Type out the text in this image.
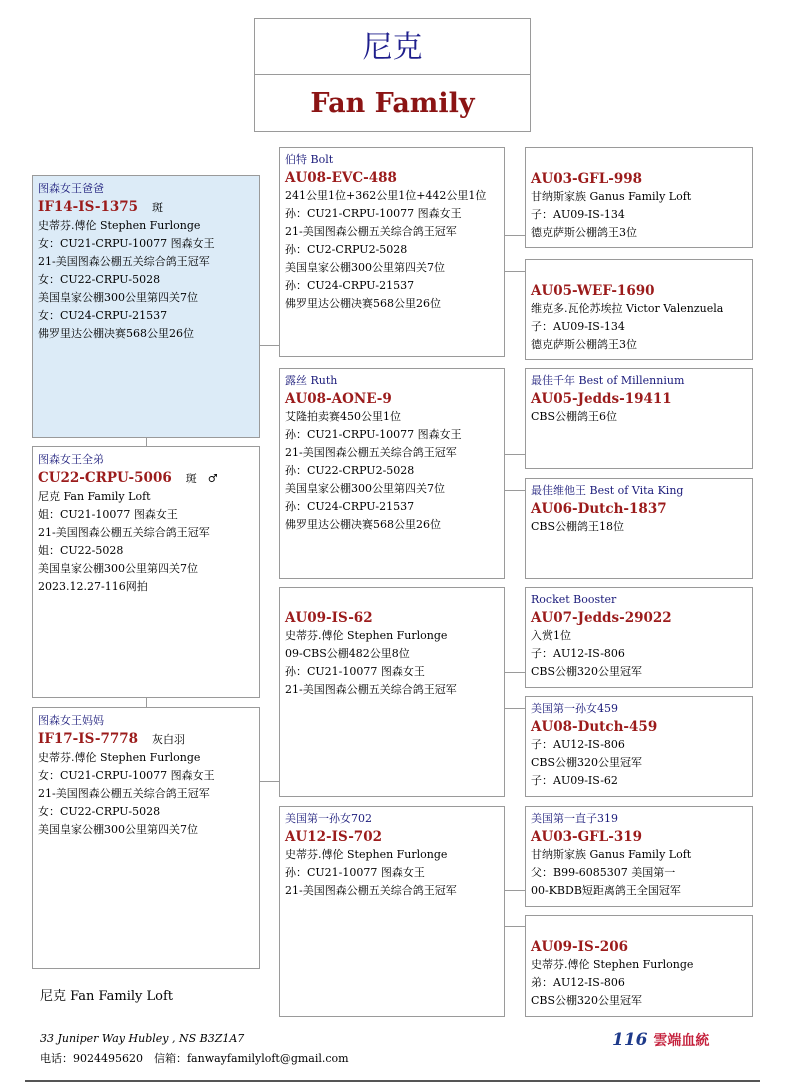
尼克
Fan Family
图森女王爸爸
IF14-IS-1375 斑
史蒂芬.傅伦 Stephen Furlonge
女：CU21-CRPU-10077 图森女王
21-美国图森公棚五关综合鸽王冠军
女：CU22-CRPU-5028
美国皇家公棚300公里第四关7位
女：CU24-CRPU-21537
佛罗里达公棚决赛568公里26位
图森女王全弟
CU22-CRPU-5006 斑　♂
尼克 Fan Family Loft
姐：CU21-10077 图森女王
21-美国图森公棚五关综合鸽王冠军
姐：CU22-5028
美国皇家公棚300公里第四关7位
2023.12.27-116网拍
图森女王妈妈
IF17-IS-7778 灰白羽
史蒂芬.傅伦 Stephen Furlonge
女：CU21-CRPU-10077 图森女王
21-美国图森公棚五关综合鸽王冠军
女：CU22-CRPU-5028
美国皇家公棚300公里第四关7位
伯特 Bolt
AU08-EVC-488
241公里1位+362公里1位+442公里1位
孙：CU21-CRPU-10077 图森女王
21-美国图森公棚五关综合鸽王冠军
孙：CU2-CRPU2-5028
美国皇家公棚300公里第四关7位
孙：CU24-CRPU-21537
佛罗里达公棚决赛568公里26位
露丝 Ruth
AU08-AONE-9
艾隆拍卖赛450公里1位
孙：CU21-CRPU-10077 图森女王
21-美国图森公棚五关综合鸽王冠军
孙：CU22-CRPU2-5028
美国皇家公棚300公里第四关7位
孙：CU24-CRPU-21537
佛罗里达公棚决赛568公里26位
AU09-IS-62
史蒂芬.傅伦 Stephen Furlonge
09-CBS公棚482公里8位
孙：CU21-10077 图森女王
21-美国图森公棚五关综合鸽王冠军
美国第一孙女702
AU12-IS-702
史蒂芬.傅伦 Stephen Furlonge
孙：CU21-10077 图森女王
21-美国图森公棚五关综合鸽王冠军
AU03-GFL-998
甘纳斯家族 Ganus Family Loft
子：AU09-IS-134
德克萨斯公棚鸽王3位
AU05-WEF-1690
维克多.瓦伦苏埃拉 Victor Valenzuela
子：AU09-IS-134
德克萨斯公棚鸽王3位
最佳千年 Best of Millennium
AU05-Jedds-19411
CBS公棚鸽王6位
最佳维他王 Best of Vita King
AU06-Dutch-1837
CBS公棚鸽王18位
Rocket Booster
AU07-Jedds-29022
入赏1位
子：AU12-IS-806
CBS公棚320公里冠军
美国第一孙女459
AU08-Dutch-459
子：AU12-IS-806
CBS公棚320公里冠军
子：AU09-IS-62
美国第一直子319
AU03-GFL-319
甘纳斯家族 Ganus Family Loft
父：B99-6085307 美国第一
00-KBDB短距离鸽王全国冠军
AU09-IS-206
史蒂芬.傅伦 Stephen Furlonge
弟：AU12-IS-806
CBS公棚320公里冠军
尼克 Fan Family Loft
33 Juniper Way Hubley , NS B3Z1A7
电话：9024495620　信箱：fanwayfamilyloft@gmail.com
116 雲端血統
